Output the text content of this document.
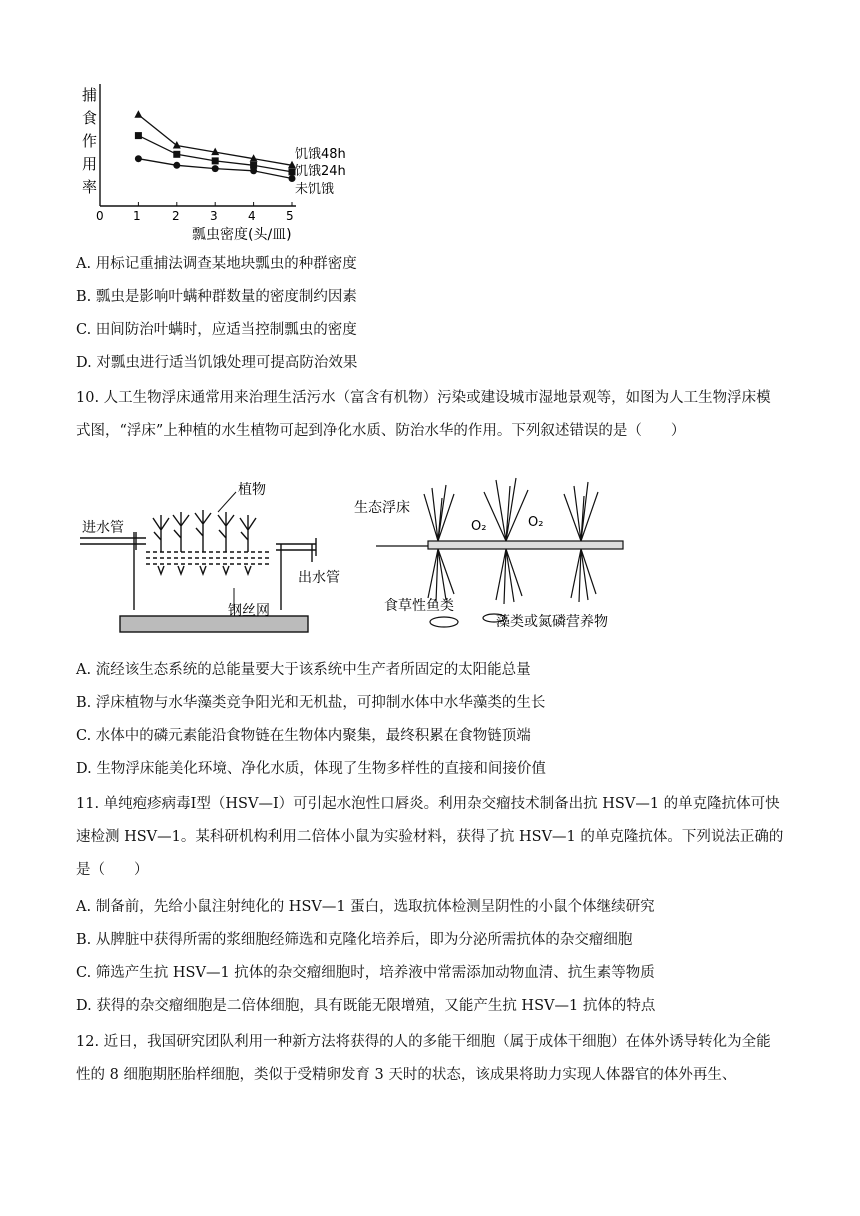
捕
食
作
用
率
0 1	2	3	4	5
瓢虫密度(头/皿)
饥饿48h
饥饿24h
未饥饿
A. 用标记重捕法调查某地块瓢虫的种群密度
B. 瓢虫是影响叶螨种群数量的密度制约因素
C. 田间防治叶螨时，应适当控制瓢虫的密度
D. 对瓢虫进行适当饥饿处理可提高防治效果
10. 人工生物浮床通常用来治理生活污水（富含有机物）污染或建设城市湿地景观等，如图为人工生物浮床模式图，“浮床”上种植的水生植物可起到净化水质、防治水华的作用。下列叙述错误的是（　　）
植物
进水管
出水管
钢丝网
生态浮床
O₂	O₂
食草性鱼类
藻类或氮磷营养物
A. 流经该生态系统的总能量要大于该系统中生产者所固定的太阳能总量
B. 浮床植物与水华藻类竞争阳光和无机盐，可抑制水体中水华藻类的生长
C. 水体中的磷元素能沿食物链在生物体内聚集，最终积累在食物链顶端
D. 生物浮床能美化环境、净化水质，体现了生物多样性的直接和间接价值
11. 单纯疱疹病毒Ⅰ型（HSV—Ⅰ）可引起水泡性口唇炎。利用杂交瘤技术制备出抗 HSV—1 的单克隆抗体可快速检测 HSV—1。某科研机构利用二倍体小鼠为实验材料，获得了抗 HSV—1 的单克隆抗体。下列说法正确的是（　　）
A. 制备前，先给小鼠注射纯化的 HSV—1 蛋白，选取抗体检测呈阴性的小鼠个体继续研究
B. 从脾脏中获得所需的浆细胞经筛选和克隆化培养后，即为分泌所需抗体的杂交瘤细胞
C. 筛选产生抗 HSV—1 抗体的杂交瘤细胞时，培养液中常需添加动物血清、抗生素等物质
D. 获得的杂交瘤细胞是二倍体细胞，具有既能无限增殖，又能产生抗 HSV—1 抗体的特点
12. 近日，我国研究团队利用一种新方法将获得的人的多能干细胞（属于成体干细胞）在体外诱导转化为全能性的 8 细胞期胚胎样细胞，类似于受精卵发育 3 天时的状态，该成果将助力实现人体器官的体外再生、
